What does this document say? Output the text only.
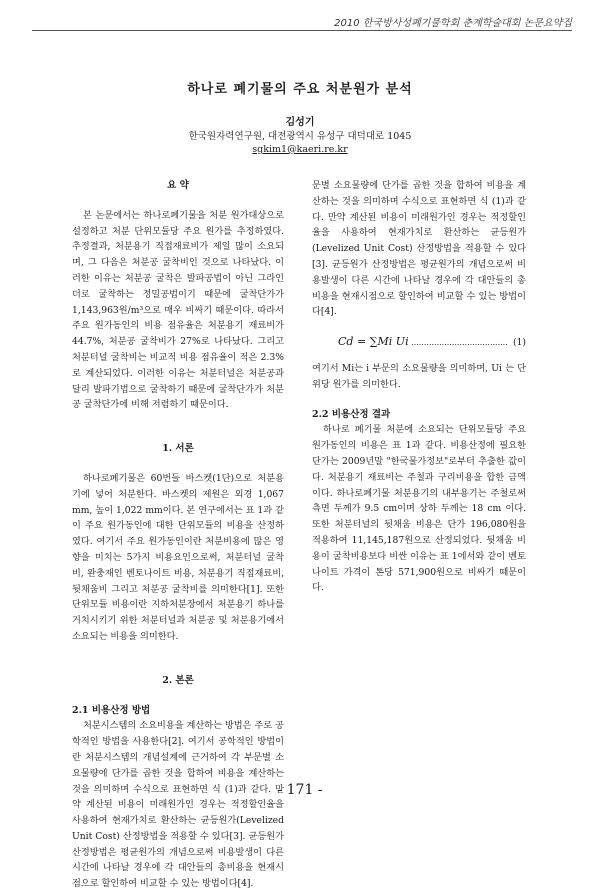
2010 한국방사성폐기물학회 춘계학술대회 논문요약집
하나로 폐기물의 주요 처분원가 분석
김성기
한국원자력연구원, 대전광역시 유성구 대덕대로 1045
sgkim1@kaeri.re.kr
요 약

본 논문에서는 하나로폐기물을 처분 원가대상으로 설정하고 처분 단위모듈당 주요 원가를 추정하였다. 추정결과, 처분용기 직접재료비가 제일 많이 소요되며, 그 다음은 처분공 굴착비인 것으로 나타났다. 이러한 이유는 처분공 굴착은 발파공법이 아닌 그라인더로 굴착하는 정밀공법이기 때문에 굴착단가가 1,143,963원/m³으로 매우 비싸기 때문이다. 따라서 주요 원가동인의 비용 점유율은 처분용기 재료비가 44.7%, 처분공 굴착비가 27%로 나타났다. 그리고 처분터널 굴착비는 비교적 비용 점유율이 적은 2.3%로 계산되었다. 이러한 이유는 처분터널은 처분공과 달리 발파기법으로 굴착하기 때문에 굴착단가가 처분공 굴착단가에 비해 저렴하기 때문이다.

1. 서론

하나로폐기물은 60번들 바스켓(1단)으로 처분용기에 넣어 처분한다. 바스켓의 제원은 외경 1,067 mm, 높이 1,022 mm이다. 본 연구에서는 표 1과 같이 주요 원가동인에 대한 단위모듈의 비용을 산정하였다. 여기서 주요 원가동인이란 처분비용에 많은 영향을 미치는 5가지 비용요인으로써, 처분터널 굴착비, 완충재인 벤토나이트 비용, 처분용기 직접재료비, 뒷채움비 그리고 처분공 굴착비를 의미한다[1]. 또한 단위모듈 비용이란 지하처분장에서 처분용기 하나를 거치시키기 위한 처분터널과 처분공 및 처분용기에서 소요되는 비용을 의미한다.

2. 본론
2.1 비용산정 방법

처분시스템의 소요비용을 계산하는 방법은 주로 공학적인 방법을 사용한다[2]. 여기서 공학적인 방법이란 처분시스템의 개념설계에 근거하여 각 부문별 소요물량에 단가를 곱한 것을 합하여 비용을 계산하는 것을 의미하며 수식으로 표현하면 식 (1)과 같다. 만약 계산된 비용이 미래원가인 경우는 적정할인율을 사용하여 현재가치로 환산하는 균등원가(Levelized Unit Cost) 산정방법을 적용할 수 있다[3]. 균등원가 산정방법은 평균원가의 개념으로써 비용발생이 다른 시간에 나타날 경우에 각 대안들의 총비용을 현재시점으로 할인하여 비교할 수 있는 방법이다[4].

문별 소요물량에 단가를 곱한 것을 합하여 비용을 계산하는 것을 의미하며 수식으로 표현하면 식 (1)과 같다. 만약 계산된 비용이 미래원가인 경우는 적정할인율을 사용하여 현재가치로 환산하는 균등원가(Levelized Unit Cost) 산정방법을 적용할 수 있다[3]. 균등원가 산정방법은 평균원가의 개념으로써 비용발생이 다른 시간에 나타날 경우에 각 대안들의 총비용을 현재시점으로 할인하여 비교할 수 있는 방법이다[4].

Cd = ∑Mi Ui ...................................... (1)

여기서 Mi는 i 부문의 소요물량을 의미하며, Ui 는 단위당 원가를 의미한다.

2.2 비용산정 결과

하나로 폐기물 처분에 소요되는 단위모듈당 주요 원가동인의 비용은 표 1과 같다. 비용산정에 필요한 단가는 2009년말 "한국물가정보"로부터 추출한 값이다. 처분용기 재료비는 주철과 구리비용을 합한 금액이다. 하나로폐기물 처분용기의 내부용기는 주철로써 측면 두께가 9.5 cm이며 상하 두께는 18 cm 이다. 또한 처분터널의 뒷채움 비용은 단가 196,080원을 적용하여 11,145,187원으로 산정되었다. 뒷채움 비용이 굴착비용보다 비싼 이유는 표 1에서와 같이 벤토나이트 가격이 톤당 571,900원으로 비싸기 때문이다.

- 171 -
